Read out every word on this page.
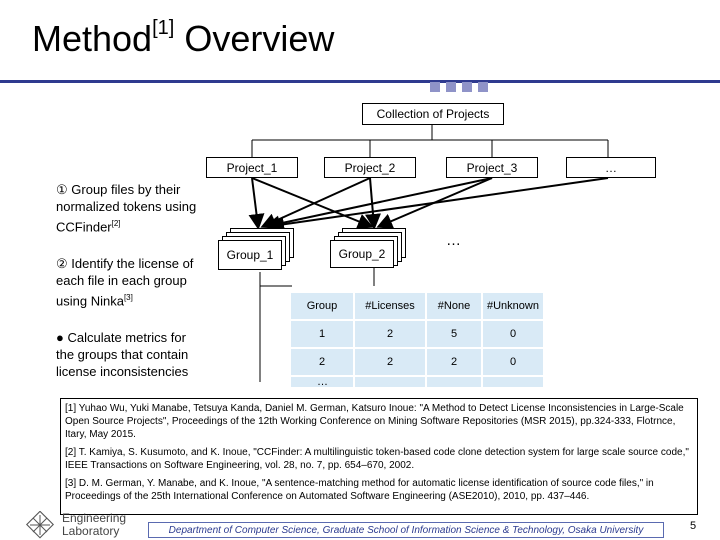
Method[1] Overview
Collection of Projects
Project_1	Project_2	Project_3	…
Group_1	Group_2
…
① Group files by their normalized tokens using CCFinder[2]
② Identify the license of each file in each group using Ninka[3]
● Calculate metrics for the groups that contain license inconsistencies
Group	#Licenses	#None	#Unknown
1	2	5	0
2	2	2	0
…

[1] Yuhao Wu, Yuki Manabe, Tetsuya Kanda, Daniel M. German, Katsuro Inoue: "A Method to Detect License Inconsistencies in Large-Scale Open Source Projects", Proceedings of the 12th Working Conference on Mining Software Repositories (MSR 2015), pp.324-333, Flotrnce, Itary, May 2015.

[2] T. Kamiya, S. Kusumoto, and K. Inoue, "CCFinder: A multilinguistic token-based code clone detection system for large scale source code," IEEE Transactions on Software Engineering, vol. 28, no. 7, pp. 654–670, 2002.

[3] D. M. German, Y. Manabe, and K. Inoue, "A sentence-matching method for automatic license identification of source code files," in Proceedings of the 25th International Conference on Automated Software Engineering (ASE2010), 2010, pp. 437–446.

Engineering
Laboratory	Department of Computer Science, Graduate School of Information Science & Technology, Osaka University	5
